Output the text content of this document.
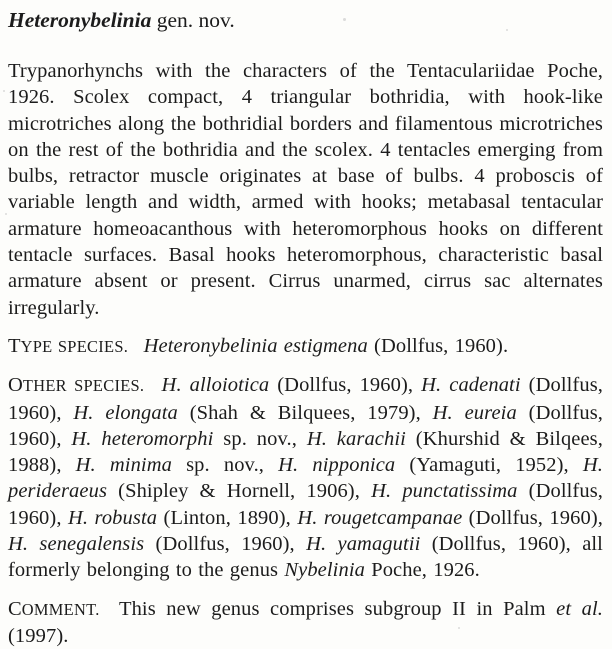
Heteronybelinia gen. nov.

Trypanorhynchs with the characters of the Tentaculariidae Poche, 1926. Scolex compact, 4 triangular bothridia, with hook-like microtriches along the bothridial borders and filamentous microtriches on the rest of the bothridia and the scolex. 4 tentacles emerging from bulbs, retractor muscle originates at base of bulbs. 4 proboscis of variable length and width, armed with hooks; metabasal tentacular armature homeoacanthous with heteromorphous hooks on different tentacle surfaces. Basal hooks heteromorphous, characteristic basal armature absent or present. Cirrus unarmed, cirrus sac alternates irregularly.

TYPE SPECIES. Heteronybelinia estigmena (Dollfus, 1960).

OTHER SPECIES. H. alloiotica (Dollfus, 1960), H. cadenati (Dollfus, 1960), H. elongata (Shah & Bilquees, 1979), H. eureia (Dollfus, 1960), H. heteromorphi sp. nov., H. karachii (Khurshid & Bilqees, 1988), H. minima sp. nov., H. nipponica (Yamaguti, 1952), H. perideraeus (Shipley & Hornell, 1906), H. punctatissima (Dollfus, 1960), H. robusta (Linton, 1890), H. rougetcampanae (Dollfus, 1960), H. senegalensis (Dollfus, 1960), H. yamagutii (Dollfus, 1960), all formerly belonging to the genus Nybelinia Poche, 1926.

COMMENT. This new genus comprises subgroup II in Palm et al. (1997).
